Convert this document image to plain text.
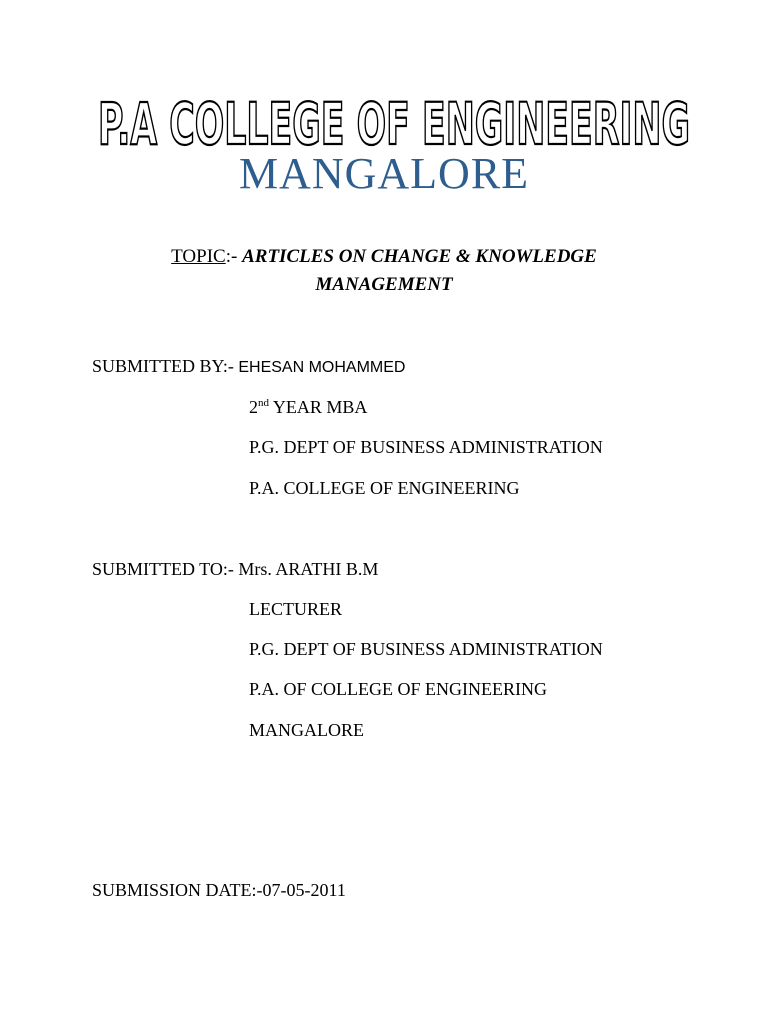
P.A COLLEGE OF ENGINEERING
MANGALORE
TOPIC:- ARTICLES ON CHANGE & KNOWLEDGE
MANAGEMENT
SUBMITTED BY:- EHESAN MOHAMMED
2nd YEAR MBA
P.G. DEPT OF BUSINESS ADMINISTRATION
P.A. COLLEGE OF ENGINEERING
SUBMITTED TO:- Mrs. ARATHI B.M
LECTURER
P.G. DEPT OF BUSINESS ADMINISTRATION
P.A. OF COLLEGE OF ENGINEERING
MANGALORE
SUBMISSION DATE:-07-05-2011
